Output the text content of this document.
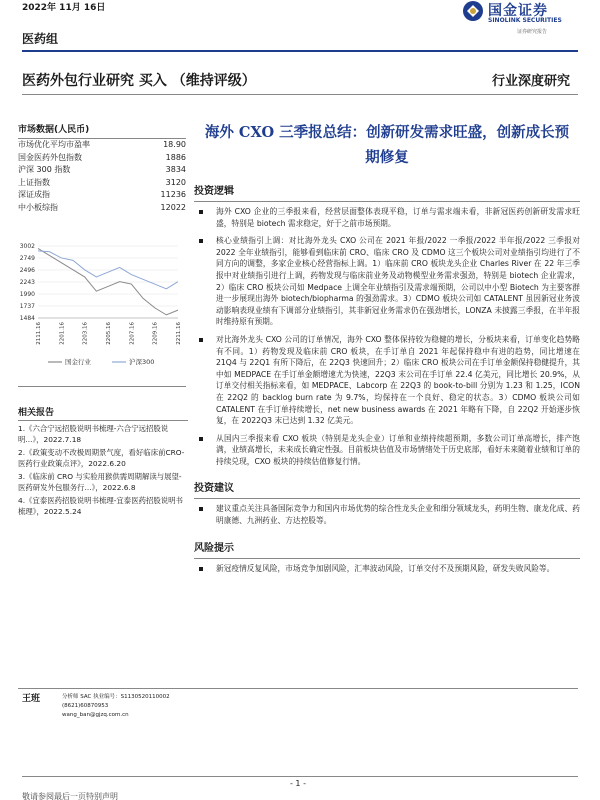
2022年 11月 16日	国金证券
SINOLINK SECURITIES
证券研究报告
医药组
医药外包行业研究 买入 （维持评级）	行业深度研究
市场数据(人民币)
市场优化平均市盈率	18.90
国金医药外包指数	1886
沪深 300 指数	3834
上证指数	3120
深证成指	11236
中小板综指	12022
3002
2749
2496
2243
1990
1737
1484
2111.16	2201.16	2203.16	2205.16	2207.16	2209.16	2211.16
国金行业	沪深300
相关报告
1.《六合宁远招股说明书梳理-六合宁远招股说明...》，2022.7.18
2.《政策变动不改极周期景气度，看好临床前CRO-医药行业政策点评》，2022.6.20
3.《临床前 CRO 与实验用猴供需周期解读与展望-医药研发外包服务行...》，2022.6.8
4.《宜泰医药招股说明书梳理-宜泰医药招股说明书梳理》，2022.5.24
海外 CXO 三季报总结：创新研发需求旺盛，创新成长预期修复
投资逻辑
海外 CXO 企业的三季报来看，经营层面整体表现平稳，订单与需求端未看，非新冠医药创新研发需求旺盛，特别是 biotech 需求稳定，好于之前市场预期。
核心业绩指引上调：对比海外龙头 CXO 公司在 2021 年报/2022 一季报/2022 半年报/2022 三季报对 2022 全年业绩指引，能够看到临床前 CRO、临床 CRO 及 CDMO 这三个板块公司对业绩指引均进行了不同方向的调整，多家企业核心经营指标上调。1）临床前 CRO 板块龙头企业 Charles River 在 22 年三季报中对业绩指引进行上调，药物发现与临床前业务及动物模型业务需求强劲，特别是 biotech 企业需求，2）临床 CRO 板块公司如 Medpace 上调全年业绩指引及需求端预期，公司以中小型 Biotech 为主要客群进一步展现出海外 biotech/biopharma 的强劲需求。3）CDMO 板块公司如 CATALENT 虽因新冠业务波动影响表现业绩有下调部分业绩指引，其非新冠业务需求仍在强劲增长，LONZA 未披露三季报，在半年报时维持原有预期。
对比海外龙头 CXO 公司的订单情况，海外 CXO 整体保持较为稳健的增长，分板块来看，订单变化趋势略有不同。1）药物发现及临床前 CRO 板块，在手订单自 2021 年起保持稳中有进的趋势，同比增速在 21Q4 与 22Q1 有所下降后，在 22Q3 快速回升；2）临床 CRO 板块公司在手订单金额保持稳健提升，其中如 MEDPACE 在手订单金额增速尤为快速，22Q3 末公司在手订单 22.4 亿美元，同比增长 20.9%，从订单交付相关指标来看，如 MEDPACE、Labcorp 在 22Q3 的 book-to-bill 分别为 1.23 和 1.25，ICON 在 22Q2 的 backlog burn rate 为 9.7%，均保持在一个良好、稳定的状态。3）CDMO 板块公司如 CATALENT 在手订单持续增长，net new business awards 在 2021 年略有下降，自 22Q2 开始逐步恢复，在 2022Q3 末已达到 1.32 亿美元。
从国内三季报来看 CXO 板块（特别是龙头企业）订单和业绩持续超预期，多数公司订单高增长，排产饱满，业绩高增长，未来成长确定性强。目前板块估值及市场情绪处于历史底部，看好未来随着业绩和订单的持续兑现，CXO 板块的持续估值修复行情。
投资建议
建议重点关注具备国际竞争力和国内市场优势的综合性龙头企业和细分领域龙头，药明生物、康龙化成、药明康德、九洲药业、方达控股等。
风险提示
新冠疫情反复风险，市场竞争加剧风险，汇率波动风险，订单交付不及预期风险，研发失败风险等。
王班	分析师 SAC 执业编号：S1130520110002
(8621)60870953
wang_ban@gjzq.com.cn
- 1 -
敬请参阅最后一页特别声明
